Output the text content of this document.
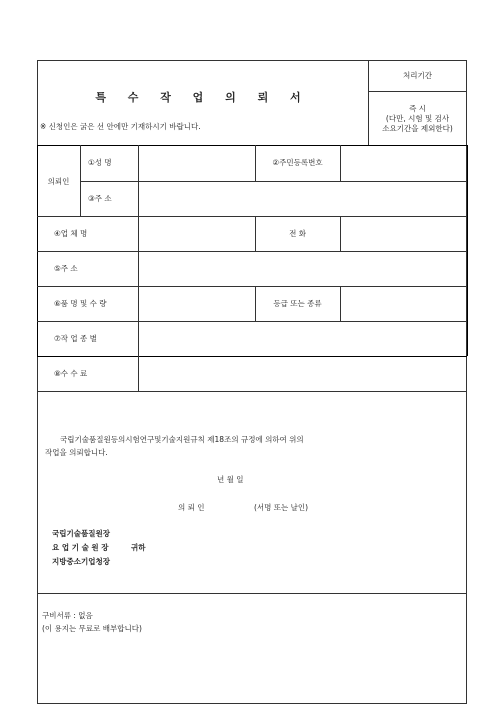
특 수 작 업 의 뢰 서
※ 신청인은 굵은 선 안에만 기재하시기 바랍니다.
처리기간
즉 시
(다만, 시험 및 검사
소요기간을 제외한다)
의뢰인
①성 명	②주민등록번호
③주 소
④업 체 명	전 화
⑤주 소
⑥품 명 및 수 량	등급 또는 종류
⑦작 업 종 별
⑧수 수 료
국립기술품질원등의시험연구및기술지원규칙 제18조의 규정에 의하여 위의
작업을 의뢰합니다.
년 월 일
의 뢰 인	(서명 또는 날인)
국립기술품질원장
요 업 기 술 원 장	귀하
지방중소기업청장
구비서류 : 없음
(이 용지는 무료로 배부합니다)
